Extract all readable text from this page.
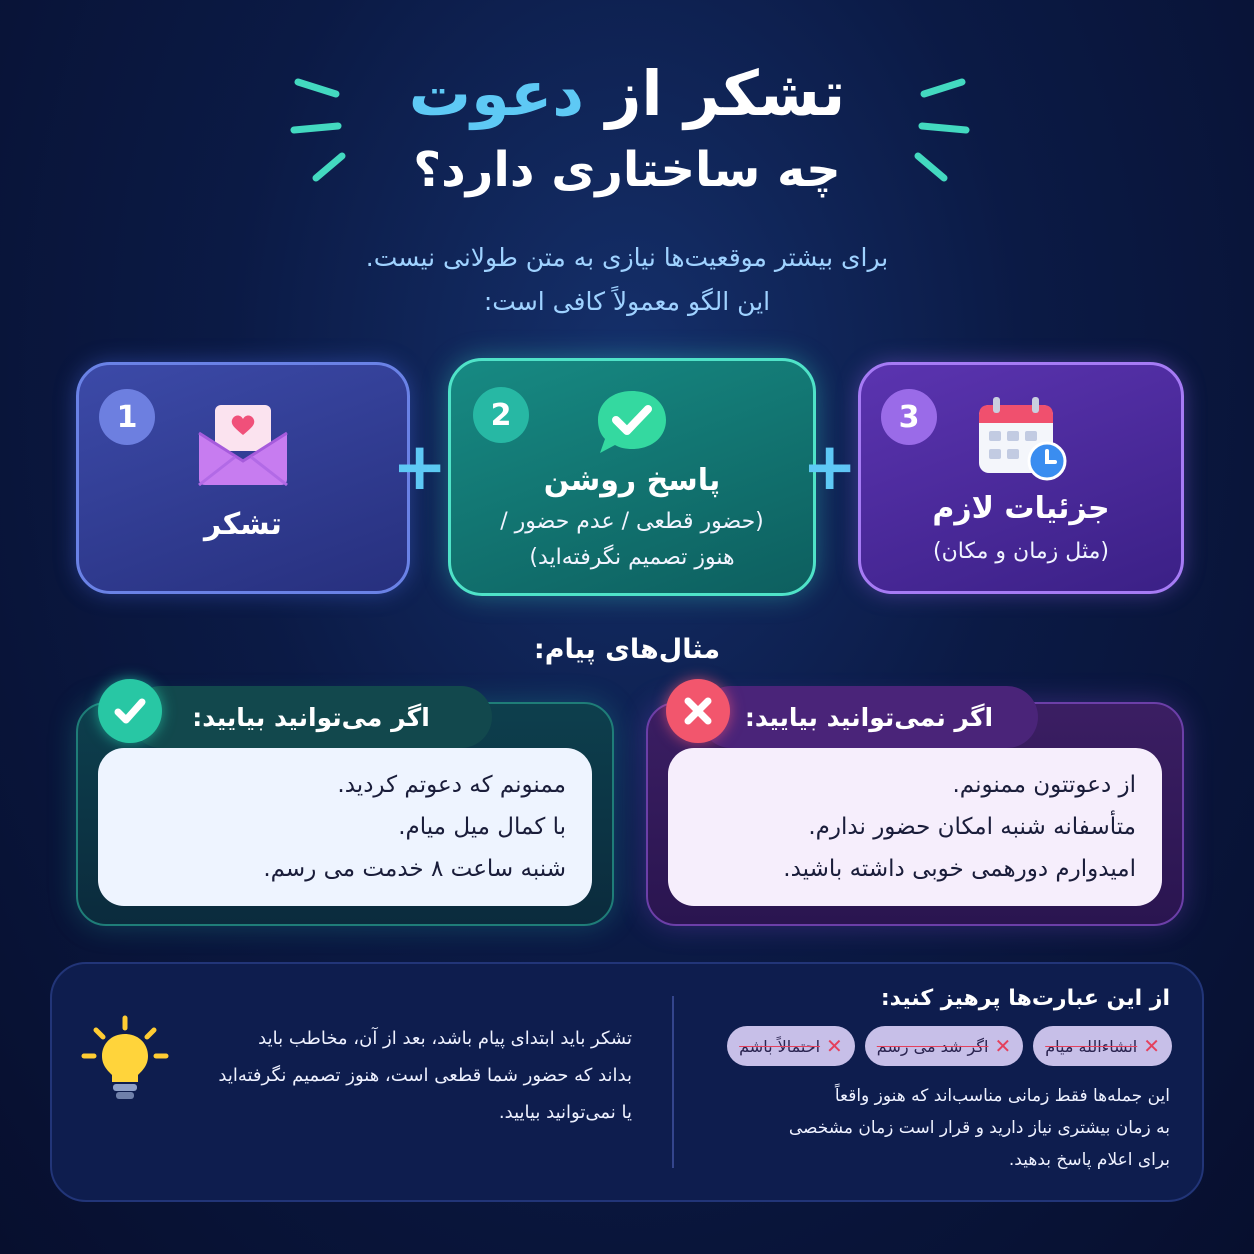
تشکر از دعوت
چه ساختاری دارد؟
برای بیشتر موقعیت‌ها نیازی به متن طولانی نیست.
این الگو معمولاً کافی است:
1
تشکر
+
2
پاسخ روشن
(حضور قطعی / عدم حضور /
هنوز تصمیم نگرفته‌اید)
+
3
جزئیات لازم
(مثل زمان و مکان)
مثال‌های پیام:
اگر می‌توانید بیایید:
ممنونم که دعوتم کردید.
با کمال میل میام.
شنبه ساعت ۸ خدمت می رسم.
اگر نمی‌توانید بیایید:
از دعوتتون ممنونم.
متأسفانه شنبه امکان حضور ندارم.
امیدوارم دورهمی خوبی داشته باشید.
از این عبارت‌ها پرهیز کنید:
✕
انشاءالله میام
✕
اگر شد می رسم
✕
احتمالاً باشم
این جمله‌ها فقط زمانی مناسب‌اند که هنوز واقعاً
به زمان بیشتری نیاز دارید و قرار است زمان مشخصی
برای اعلام پاسخ بدهید.
تشکر باید ابتدای پیام باشد، بعد از آن، مخاطب باید
بداند که حضور شما قطعی است، هنوز تصمیم نگرفته‌اید
یا نمی‌توانید بیایید.
